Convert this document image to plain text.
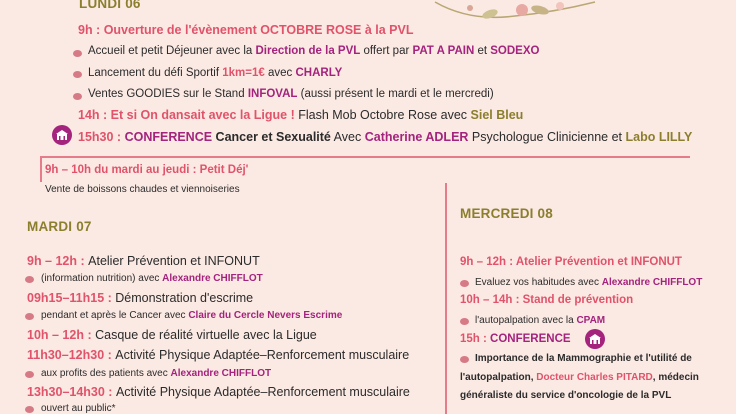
LUNDI 06
9h : Ouverture de l'évènement OCTOBRE ROSE à la PVL
Accueil et petit Déjeuner avec la Direction de la PVL offert par PAT A PAIN et SODEXO
Lancement du défi Sportif 1km=1€ avec CHARLY
Ventes GOODIES sur le Stand INFOVAL (aussi présent le mardi et le mercredi)
14h : Et si On dansait avec la Ligue ! Flash Mob Octobre Rose avec Siel Bleu
15h30 : CONFERENCE Cancer et Sexualité Avec Catherine ADLER Psychologue Clinicienne et Labo LILLY
9h – 10h du mardi au jeudi : Petit Déj'
Vente de boissons chaudes et viennoiseries
MARDI 07
9h – 12h : Atelier Prévention et INFONUT
(information nutrition) avec Alexandre CHIFFLOT
09h15–11h15 : Démonstration d'escrime
pendant et après le Cancer avec Claire du Cercle Nevers Escrime
10h – 12h : Casque de réalité virtuelle avec la Ligue
11h30–12h30 : Activité Physique Adaptée–Renforcement musculaire
aux profits des patients avec Alexandre CHIFFLOT
13h30–14h30 : Activité Physique Adaptée–Renforcement musculaire
ouvert au public*
MERCREDI 08
9h – 12h : Atelier Prévention et INFONUT
Evaluez vos habitudes avec Alexandre CHIFFLOT
10h – 14h : Stand de prévention
l'autopalpation avec la CPAM
15h : CONFERENCE
Importance de la Mammographie et l'utilité de
l'autopalpation, Docteur Charles PITARD, médecin
généraliste du service d'oncologie de la PVL
